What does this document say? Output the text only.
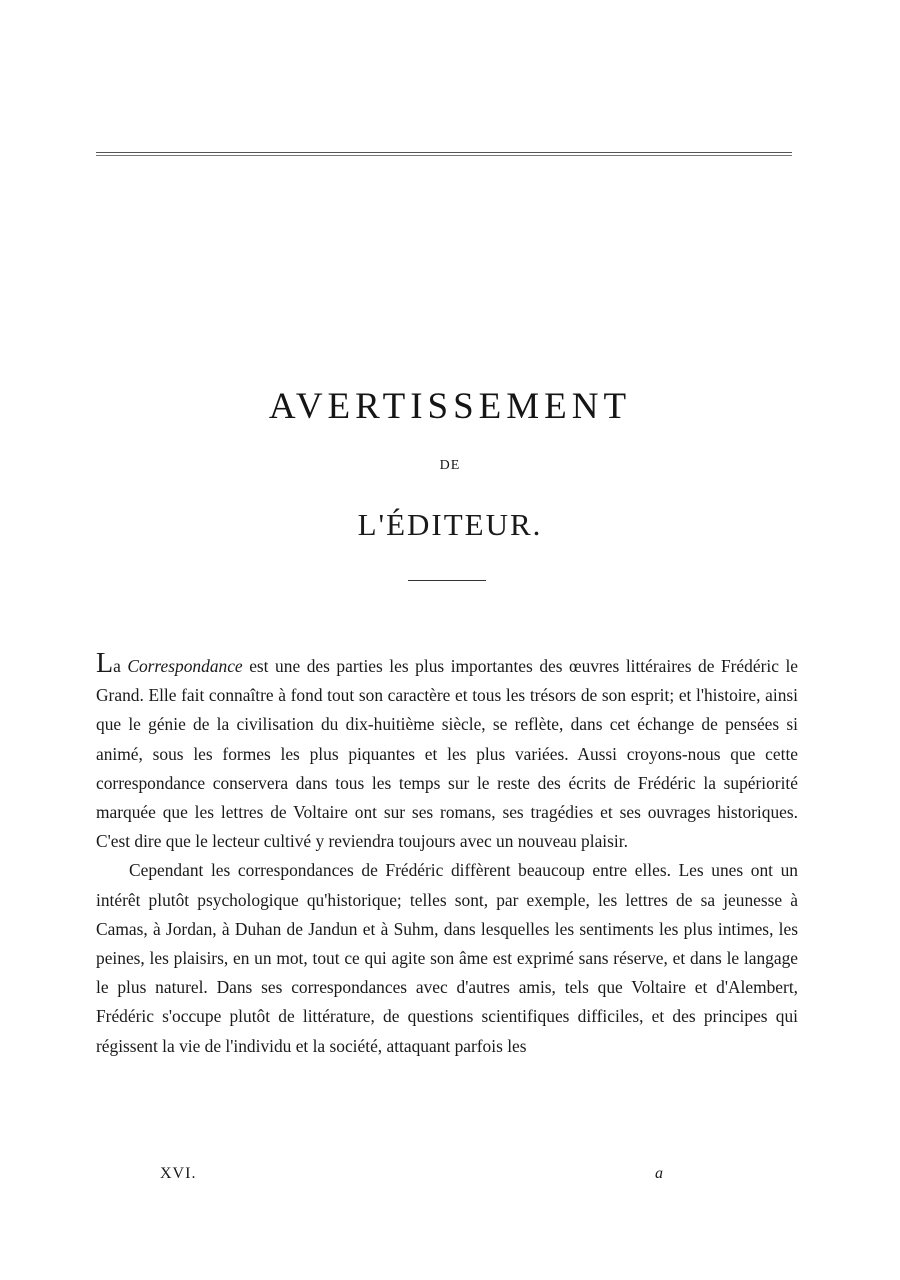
AVERTISSEMENT
DE
L'ÉDITEUR.

La Correspondance est une des parties les plus importantes des œuvres littéraires de Frédéric le Grand. Elle fait connaître à fond tout son caractère et tous les trésors de son esprit; et l'histoire, ainsi que le génie de la civilisation du dix-huitième siècle, se reflète, dans cet échange de pensées si animé, sous les formes les plus piquantes et les plus variées. Aussi croyons-nous que cette correspondance conservera dans tous les temps sur le reste des écrits de Frédéric la supériorité marquée que les lettres de Voltaire ont sur ses romans, ses tragédies et ses ouvrages historiques. C'est dire que le lecteur cultivé y reviendra toujours avec un nouveau plaisir.

Cependant les correspondances de Frédéric diffèrent beaucoup entre elles. Les unes ont un intérêt plutôt psychologique qu'historique; telles sont, par exemple, les lettres de sa jeunesse à Camas, à Jordan, à Duhan de Jandun et à Suhm, dans lesquelles les sentiments les plus intimes, les peines, les plaisirs, en un mot, tout ce qui agite son âme est exprimé sans réserve, et dans le langage le plus naturel. Dans ses correspondances avec d'autres amis, tels que Voltaire et d'Alembert, Frédéric s'occupe plutôt de littérature, de questions scientifiques difficiles, et des principes qui régissent la vie de l'individu et la société, attaquant parfois les

XVI.	a
